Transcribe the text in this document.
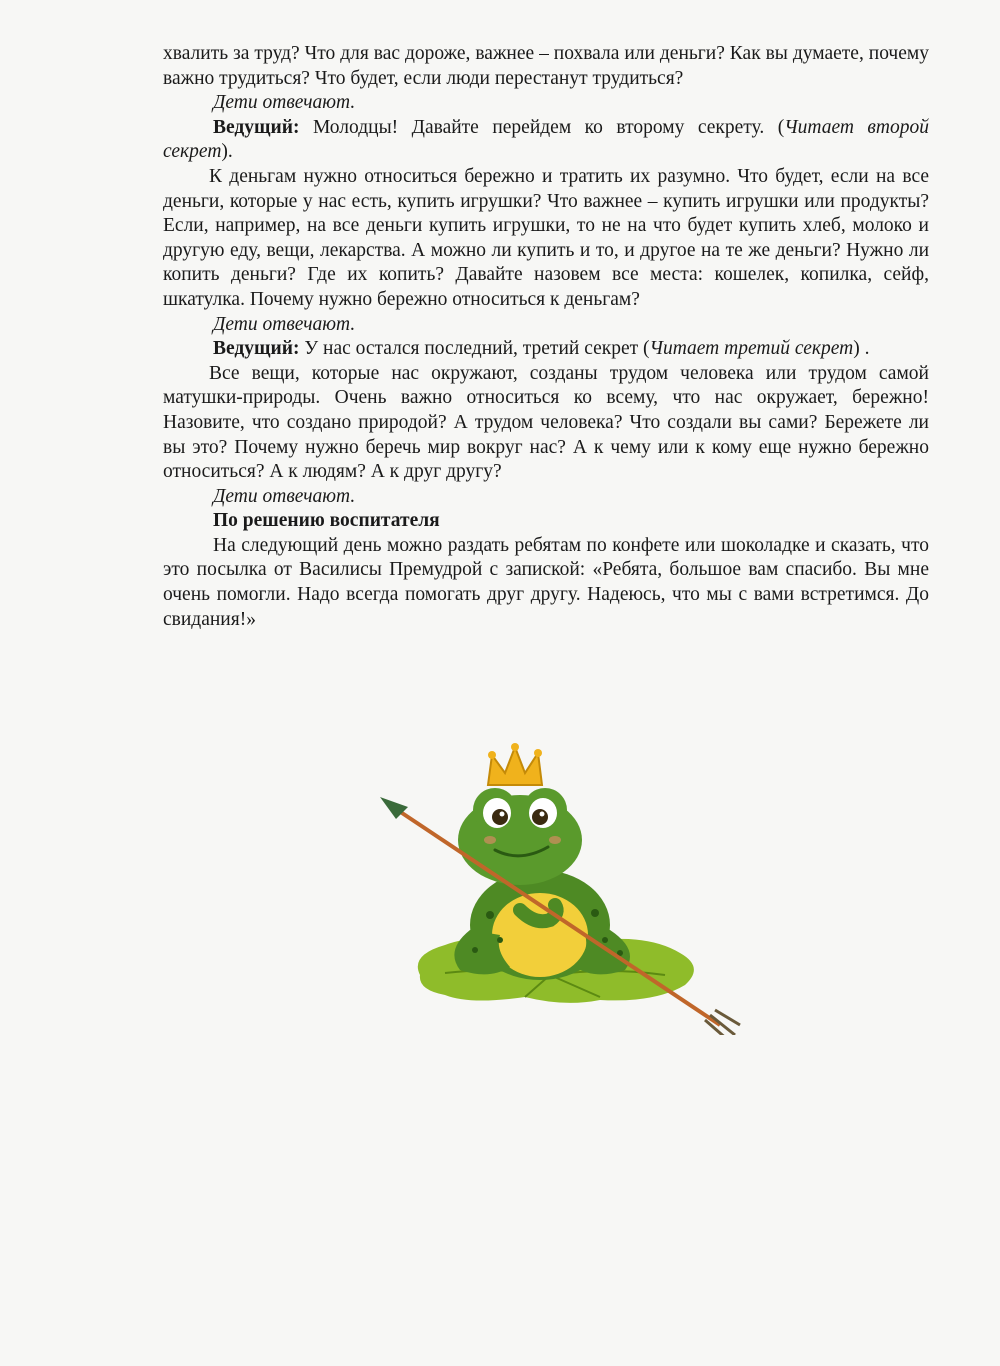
хвалить за труд? Что для вас дороже, важнее – похвала или деньги? Как вы думаете, почему важно трудиться? Что будет, если люди перестанут трудиться?

Дети отвечают.

Ведущий: Молодцы! Давайте перейдем ко второму секрету. (Читает второй секрет).

К деньгам нужно относиться бережно и тратить их разумно. Что будет, если на все деньги, которые у нас есть, купить игрушки? Что важнее – купить игрушки или продукты? Если, например, на все деньги купить игрушки, то не на что будет купить хлеб, молоко и другую еду, вещи, лекарства. А можно ли купить и то, и другое на те же деньги? Нужно ли копить деньги? Где их копить? Давайте назовем все места: кошелек, копилка, сейф, шкатулка. Почему нужно бережно относиться к деньгам?

Дети отвечают.

Ведущий: У нас остался последний, третий секрет (Читает третий секрет) .

Все вещи, которые нас окружают, созданы трудом человека или трудом самой матушки-природы. Очень важно относиться ко всему, что нас окружает, бережно! Назовите, что создано природой? А трудом человека? Что создали вы сами? Бережете ли вы это? Почему нужно беречь мир вокруг нас? А к чему или к кому еще нужно бережно относиться? А к людям? А к друг другу?

Дети отвечают.

По решению воспитателя

На следующий день можно раздать ребятам по конфете или шоколадке и сказать, что это посылка от Василисы Премудрой с запиской: «Ребята, большое вам спасибо. Вы мне очень помогли. Надо всегда помогать друг другу. Надеюсь, что мы с вами встретимся. До свидания!»
